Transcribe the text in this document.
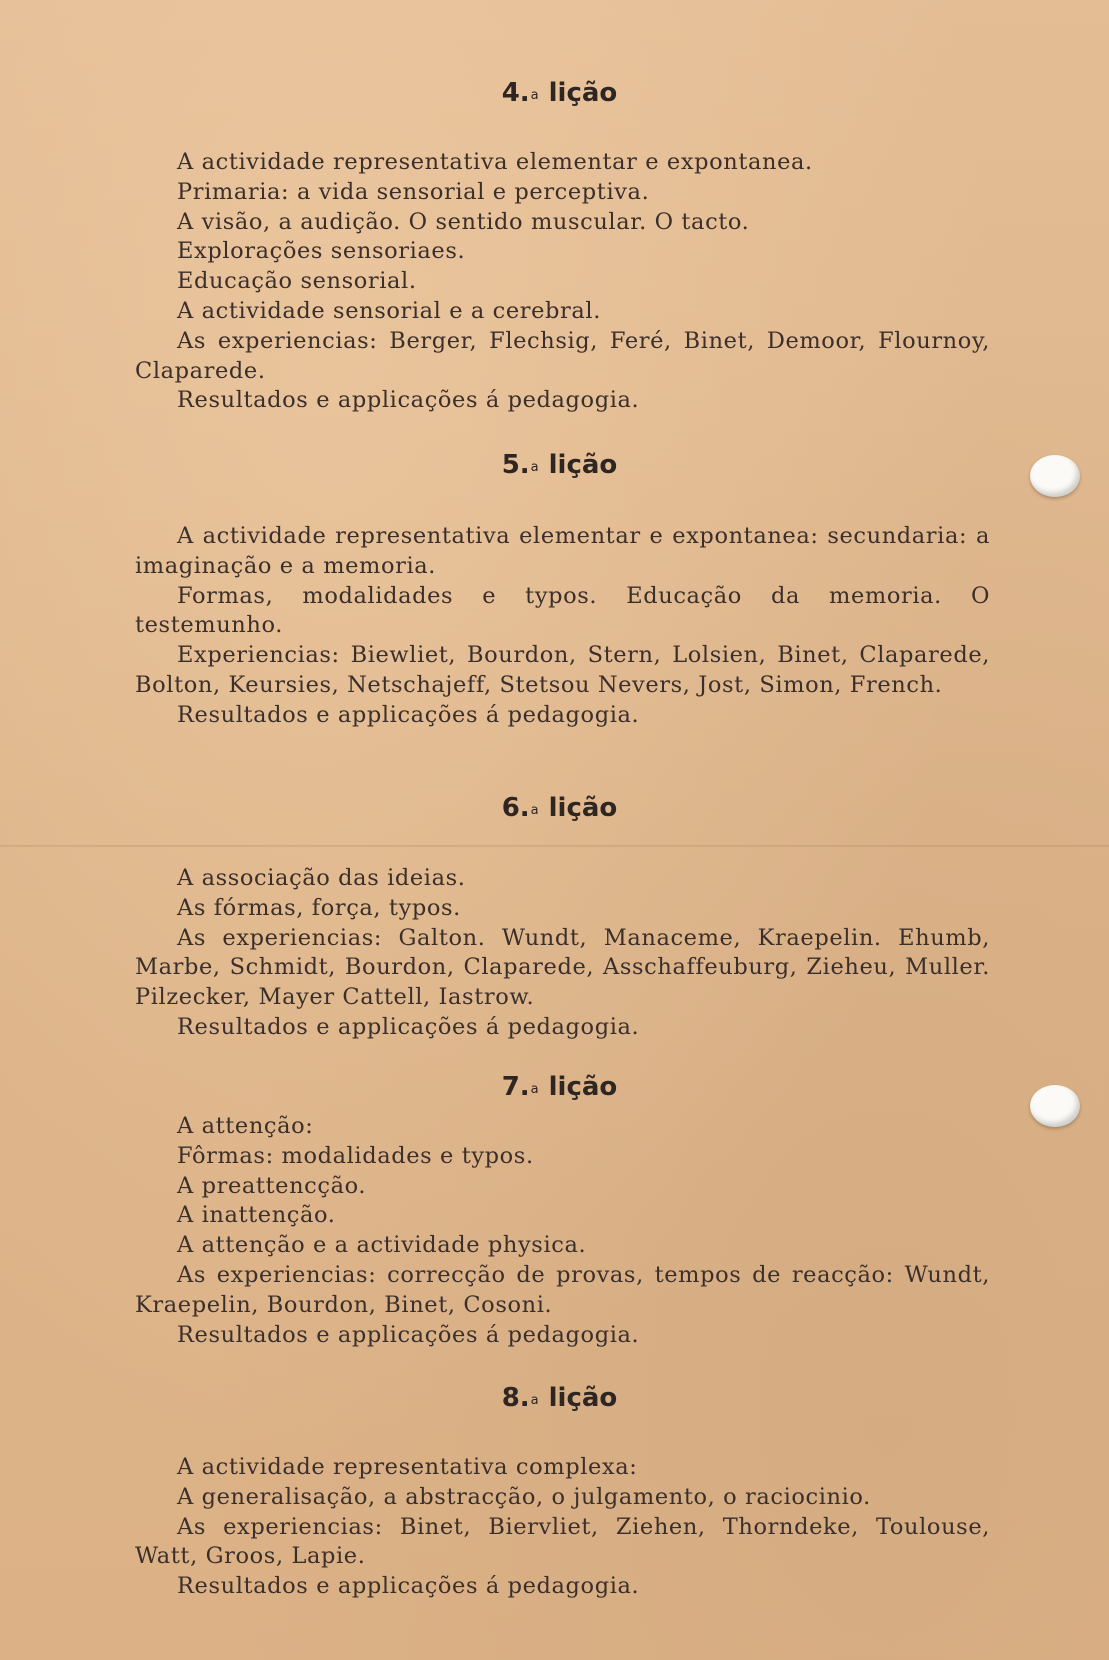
4.a lição

A actividade representativa elementar e expontanea.

Primaria: a vida sensorial e perceptiva.

A visão, a audição. O sentido muscular. O tacto.

Explorações sensoriaes.

Educação sensorial.

A actividade sensorial e a cerebral.

As experiencias: Berger, Flechsig, Feré, Binet, Demoor, Flournoy, Claparede.

Resultados e applicações á pedagogia.

5.a lição

A actividade representativa elementar e expontanea: secundaria: a imaginação e a memoria.

Formas, modalidades e typos. Educação da memoria. O testemunho.

Experiencias: Biewliet, Bourdon, Stern, Lolsien, Binet, Claparede, Bolton, Keursies, Netschajeff, Stetsou Nevers, Jost, Simon, French.

Resultados e applicações á pedagogia.

6.a lição

A associação das ideias.

As fórmas, força, typos.

As experiencias: Galton. Wundt, Manaceme, Kraepelin. Ehumb, Marbe, Schmidt, Bourdon, Claparede, Asschaffeuburg, Zieheu, Muller. Pilzecker, Mayer Cattell, Iastrow.

Resultados e applicações á pedagogia.

7.a lição

A attenção:

Fôrmas: modalidades e typos.

A preattencção.

A inattenção.

A attenção e a actividade physica.

As experiencias: correcção de provas, tempos de reacção: Wundt, Kraepelin, Bourdon, Binet, Cosoni.

Resultados e applicações á pedagogia.

8.a lição

A actividade representativa complexa:

A generalisação, a abstracção, o julgamento, o raciocinio.

As experiencias: Binet, Biervliet, Ziehen, Thorndeke, Toulouse, Watt, Groos, Lapie.

Resultados e applicações á pedagogia.
